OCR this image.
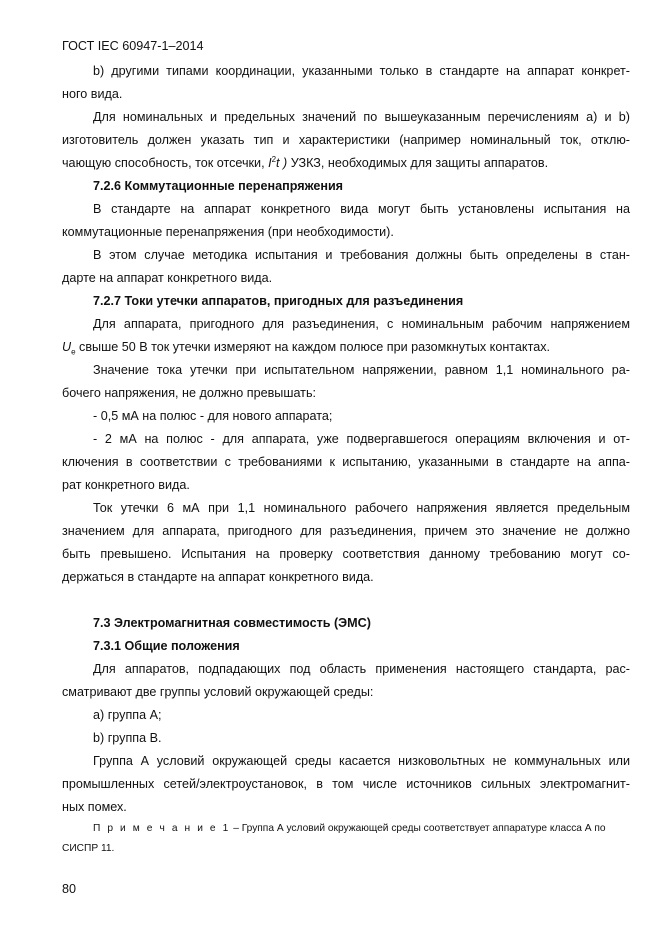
ГОСТ IEC 60947-1–2014
b) другими типами координации, указанными только в стандарте на аппарат конкрет-
ного вида.
Для номинальных и предельных значений по вышеуказанным перечислениям а) и b)
изготовитель должен указать тип и характеристики (например номинальный ток, отклю-
чающую способность, ток отсечки, $I^2t$ ) УЗКЗ, необходимых для защиты аппаратов.
7.2.6 Коммутационные перенапряжения
В стандарте на аппарат конкретного вида могут быть установлены испытания на
коммутационные перенапряжения (при необходимости).
В этом случае методика испытания и требования должны быть определены в стан-
дарте на аппарат конкретного вида.
7.2.7 Токи утечки аппаратов, пригодных для разъединения
Для аппарата, пригодного для разъединения, с номинальным рабочим напряжением
$U_e$ свыше 50 В ток утечки измеряют на каждом полюсе при разомкнутых контактах.
Значение тока утечки при испытательном напряжении, равном 1,1 номинального ра-
бочего напряжения, не должно превышать:
- 0,5 мА на полюс - для нового аппарата;
- 2 мА на полюс - для аппарата, уже подвергавшегося операциям включения и от-
ключения в соответствии с требованиями к испытанию, указанными в стандарте на аппа-
рат конкретного вида.
Ток утечки 6 мА при 1,1 номинального рабочего напряжения является предельным
значением для аппарата, пригодного для разъединения, причем это значение не должно
быть превышено. Испытания на проверку соответствия данному требованию могут со-
держаться в стандарте на аппарат конкретного вида.
7.3 Электромагнитная совместимость (ЭМС)
7.3.1 Общие положения
Для аппаратов, подпадающих под область применения настоящего стандарта, рас-
сматривают две группы условий окружающей среды:
а) группа А;
b) группа В.
Группа А условий окружающей среды касается низковольтных не коммунальных или
промышленных сетей/электроустановок, в том числе источников сильных электромагнит-
ных помех.
П р и м е ч а н и е 1 – Группа А условий окружающей среды соответствует аппаратуре класса А по
СИСПР 11.
80
